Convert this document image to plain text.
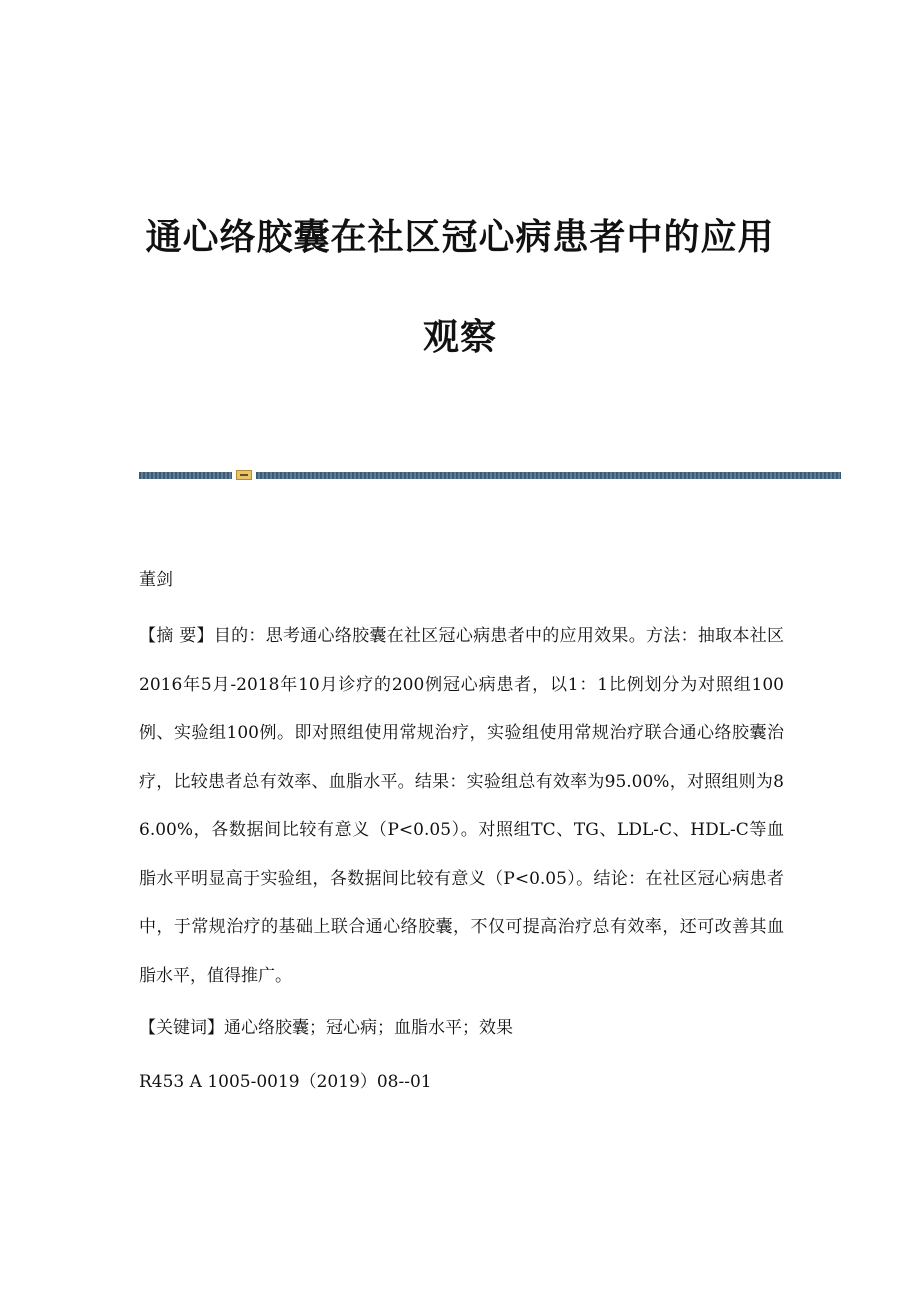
通心络胶囊在社区冠心病患者中的应用
观察
董剑
【摘 要】目的：思考通心络胶囊在社区冠心病患者中的应用效果。方法：抽取本社区2016年5月-2018年10月诊疗的200例冠心病患者，以1：1比例划分为对照组100例、实验组100例。即对照组使用常规治疗，实验组使用常规治疗联合通心络胶囊治疗，比较患者总有效率、血脂水平。结果：实验组总有效率为95.00%，对照组则为86.00%，各数据间比较有意义（P<0.05）。对照组TC、TG、LDL-C、HDL-C等血脂水平明显高于实验组，各数据间比较有意义（P<0.05）。结论：在社区冠心病患者中，于常规治疗的基础上联合通心络胶囊，不仅可提高治疗总有效率，还可改善其血脂水平，值得推广。
【关键词】通心络胶囊；冠心病；血脂水平；效果
R453 A 1005-0019（2019）08--01
